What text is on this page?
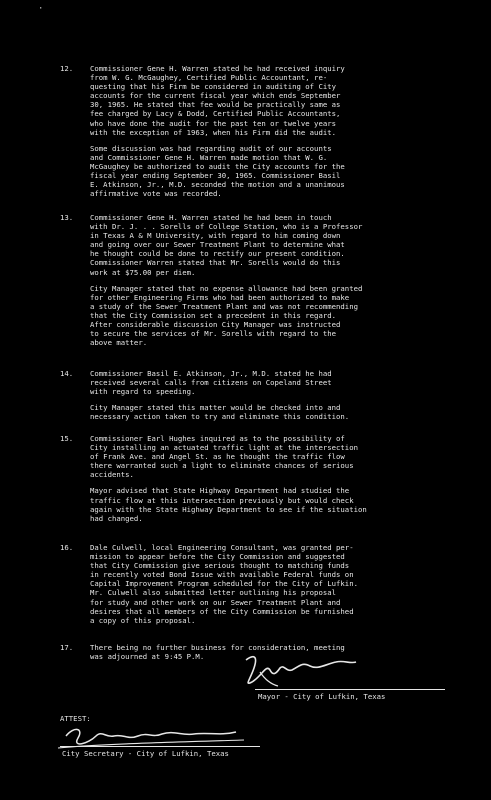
·
12.	Commissioner Gene H. Warren stated he had received inquiry
from W. G. McGaughey, Certified Public Accountant, re-
questing that his Firm be considered in auditing of City
accounts for the current fiscal year which ends September
30, 1965. He stated that fee would be practically same as
fee charged by Lacy & Dodd, Certified Public Accountants,
who have done the audit for the past ten or twelve years
with the exception of 1963, when his Firm did the audit.

Some discussion was had regarding audit of our accounts
and Commissioner Gene H. Warren made motion that W. G.
McGaughey be authorized to audit the City accounts for the
fiscal year ending September 30, 1965. Commissioner Basil
E. Atkinson, Jr., M.D. seconded the motion and a unanimous
affirmative vote was recorded.

13.	Commissioner Gene H. Warren stated he had been in touch
with Dr. J. . . Sorells of College Station, who is a Professor
in Texas A & M University, with regard to him coming down
and going over our Sewer Treatment Plant to determine what
he thought could be done to rectify our present condition.
Commissioner Warren stated that Mr. Sorells would do this
work at $75.00 per diem.

City Manager stated that no expense allowance had been granted
for other Engineering Firms who had been authorized to make
a study of the Sewer Treatment Plant and was not recommending
that the City Commission set a precedent in this regard.
After considerable discussion City Manager was instructed
to secure the services of Mr. Sorells with regard to the
above matter.

14.	Commissioner Basil E. Atkinson, Jr., M.D. stated he had
received several calls from citizens on Copeland Street
with regard to speeding.

City Manager stated this matter would be checked into and
necessary action taken to try and eliminate this condition.

15.	Commissioner Earl Hughes inquired as to the possibility of
City installing an actuated traffic light at the intersection
of Frank Ave. and Angel St. as he thought the traffic flow
there warranted such a light to eliminate chances of serious
accidents.

Mayor advised that State Highway Department had studied the
traffic flow at this intersection previously but would check
again with the State Highway Department to see if the situation
had changed.

16.	Dale Culwell, local Engineering Consultant, was granted per-
mission to appear before the City Commission and suggested
that City Commission give serious thought to matching funds
in recently voted Bond Issue with available Federal funds on
Capital Improvement Program scheduled for the City of Lufkin.
Mr. Culwell also submitted letter outlining his proposal
for study and other work on our Sewer Treatment Plant and
desires that all members of the City Commission be furnished
a copy of this proposal.

17.	There being no further business for consideration, meeting
was adjourned at 9:45 P.M.

Mayor - City of Lufkin, Texas
ATTEST:
City Secretary - City of Lufkin, Texas
